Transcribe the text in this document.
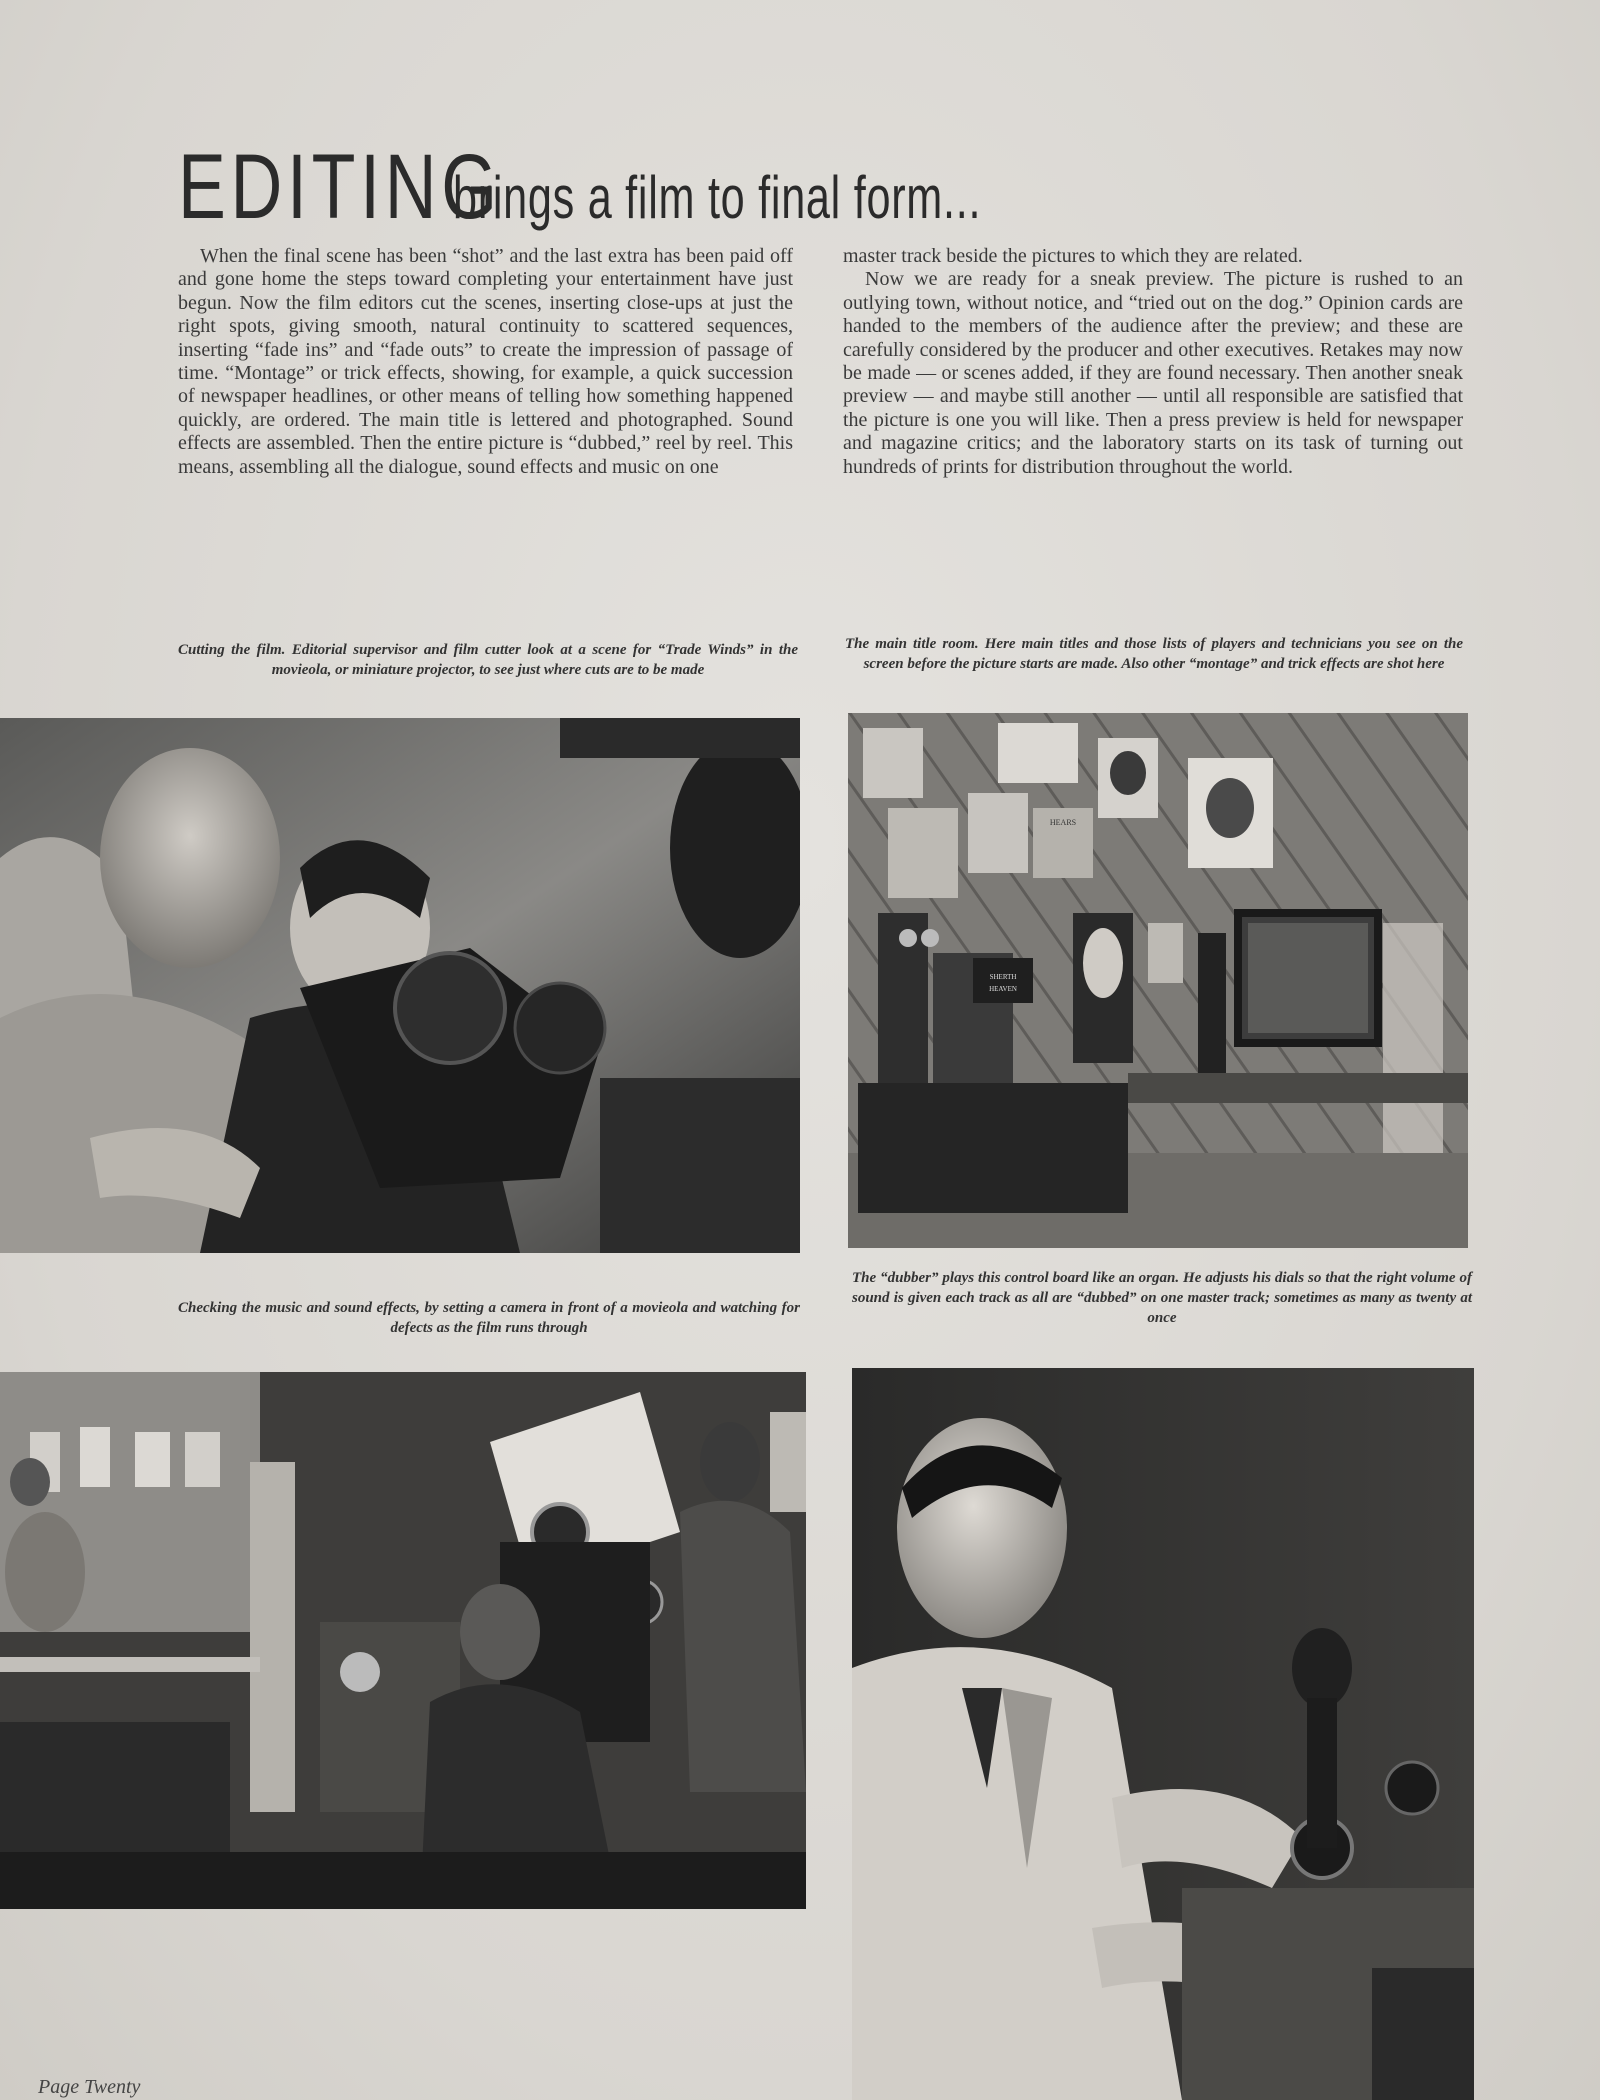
EDITING brings a film to final form...

When the final scene has been “shot” and the last extra has been paid off and gone home the steps toward completing your entertainment have just begun. Now the film editors cut the scenes, inserting close-ups at just the right spots, giving smooth, natural continuity to scattered sequences, inserting “fade ins” and “fade outs” to create the impression of passage of time. “Montage” or trick effects, showing, for example, a quick succession of newspaper headlines, or other means of telling how something happened quickly, are ordered. The main title is lettered and photographed. Sound effects are assembled. Then the entire picture is “dubbed,” reel by reel. This means, assembling all the dialogue, sound effects and music on one

master track beside the pictures to which they are related.

Now we are ready for a sneak preview. The picture is rushed to an outlying town, without notice, and “tried out on the dog.” Opinion cards are handed to the members of the audience after the preview; and these are carefully considered by the producer and other executives. Retakes may now be made — or scenes added, if they are found necessary. Then another sneak preview — and maybe still another — until all responsible are satisfied that the picture is one you will like. Then a press preview is held for newspaper and magazine critics; and the laboratory starts on its task of turning out hundreds of prints for distribution throughout the world.

Cutting the film. Editorial supervisor and film cutter look at a scene for “Trade Winds” in the movieola, or miniature projector, to see just where cuts are to be made

The main title room. Here main titles and those lists of players and technicians you see on the screen before the picture starts are made. Also other “montage” and trick effects are shot here

Checking the music and sound effects, by setting a camera in front of a movieola and watching for defects as the film runs through

The “dubber” plays this control board like an organ. He adjusts his dials so that the right volume of sound is given each track as all are “dubbed” on one master track; sometimes as many as twenty at once

HEARS
SHERTH
HEAVEN

Page Twenty
